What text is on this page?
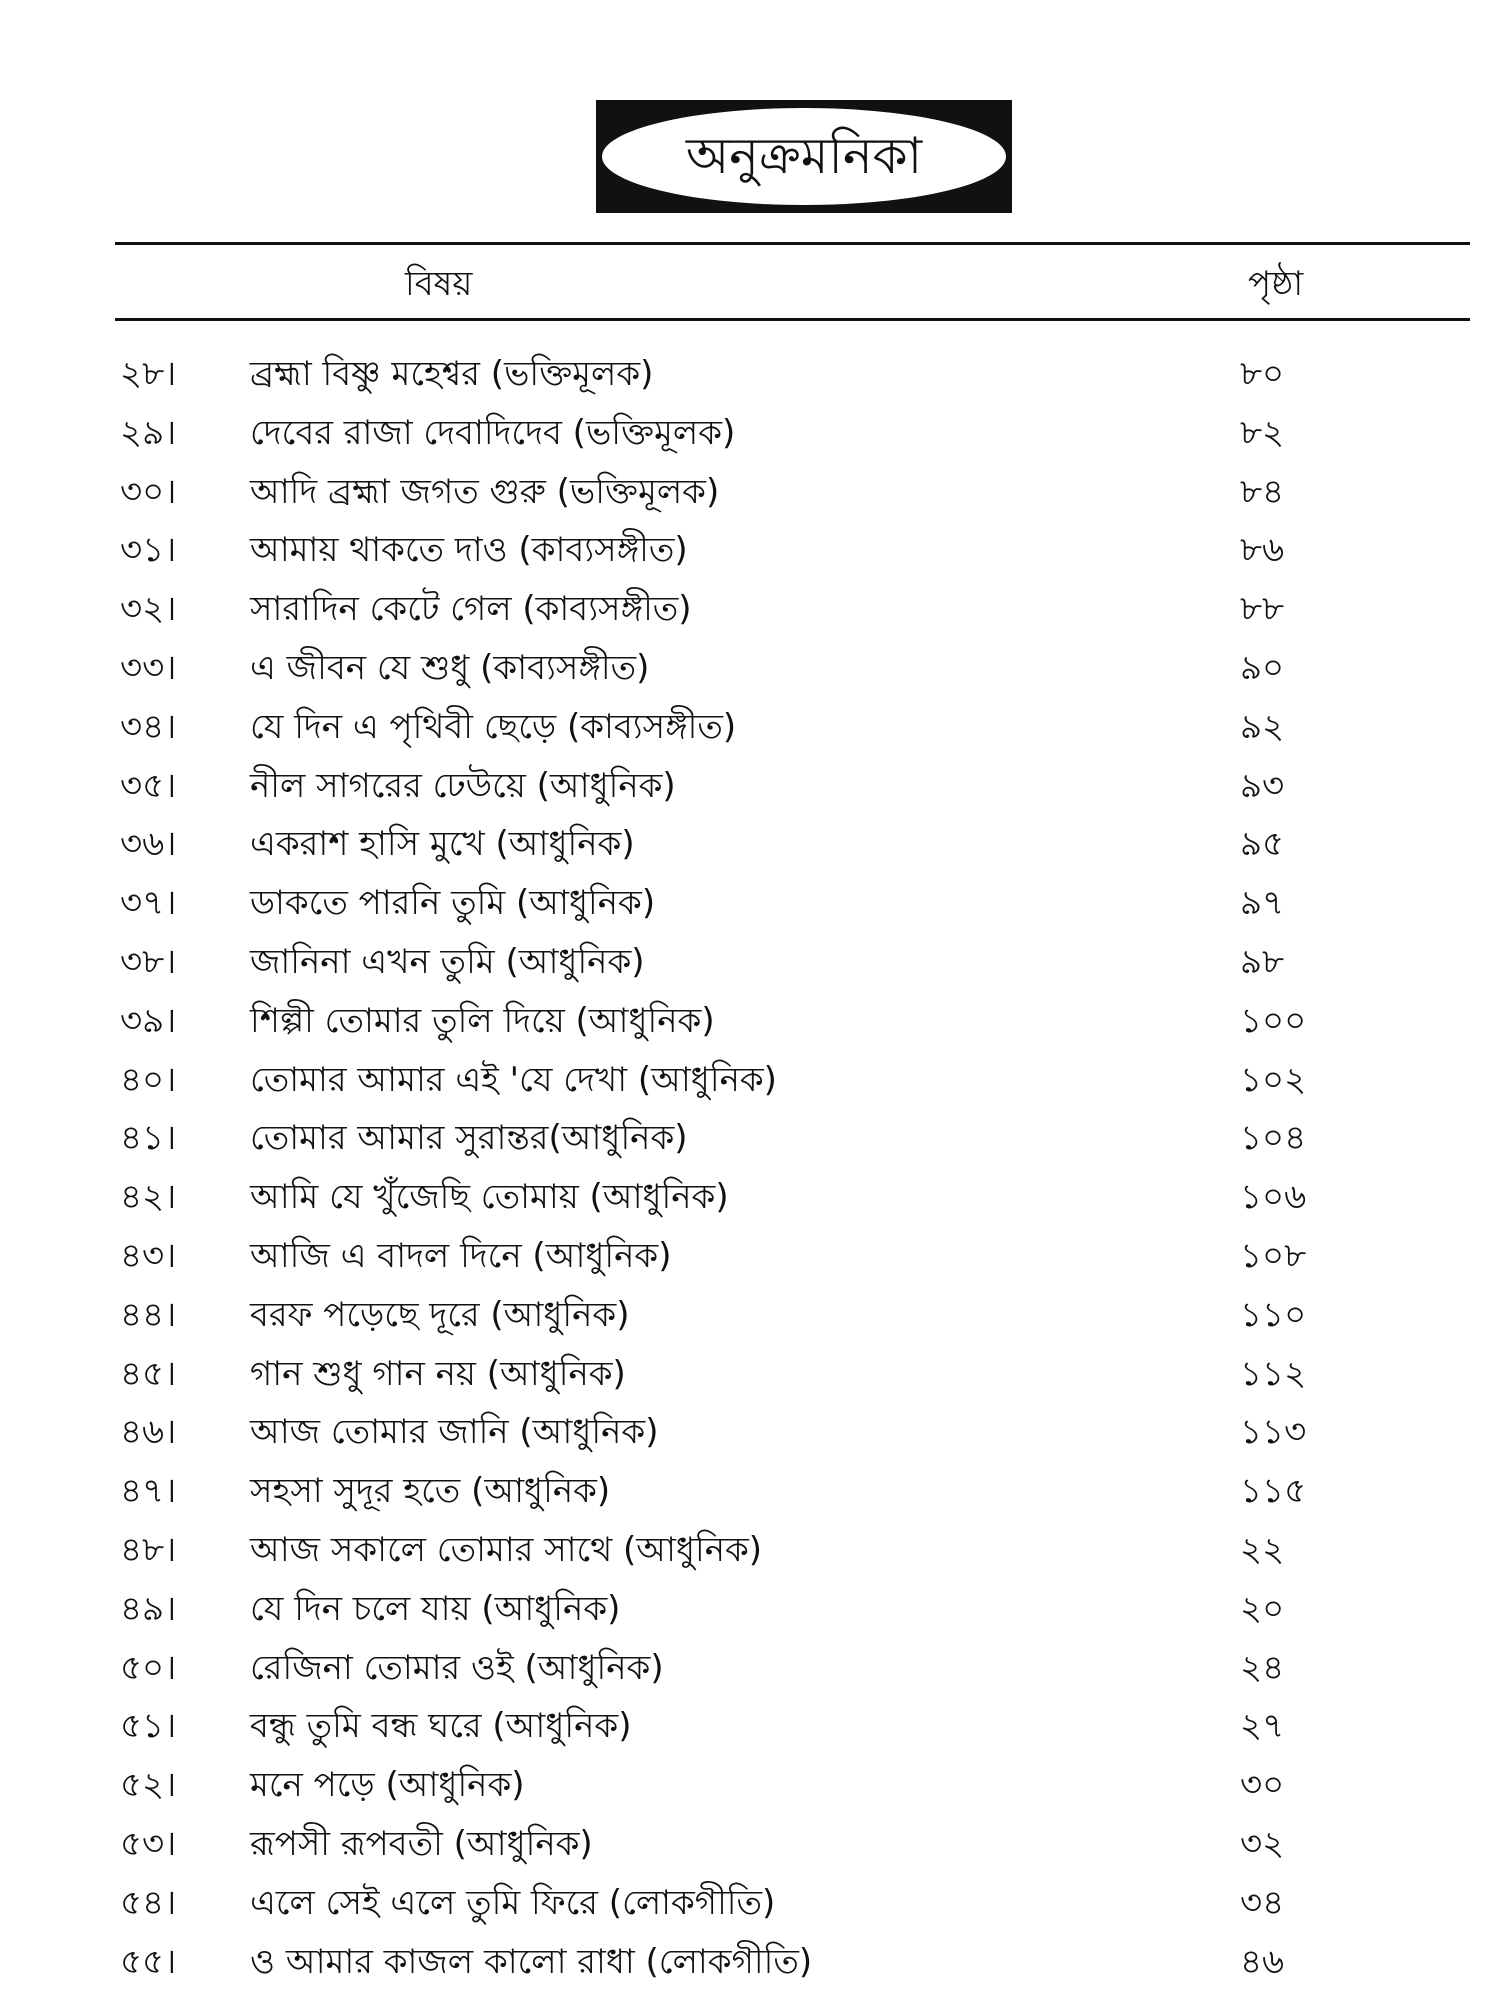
অনুক্রমনিকা
বিষয়	পৃষ্ঠা
২৮। ব্রহ্মা বিষ্ণু মহেশ্বর (ভক্তিমূলক)	৮০
২৯। দেবের রাজা দেবাদিদেব (ভক্তিমূলক)	৮২
৩০। আদি ব্রহ্মা জগত গুরু (ভক্তিমূলক)	৮৪
৩১। আমায় থাকতে দাও (কাব্যসঙ্গীত)	৮৬
৩২। সারাদিন কেটে গেল (কাব্যসঙ্গীত)	৮৮
৩৩। এ জীবন যে শুধু (কাব্যসঙ্গীত)	৯০
৩৪। যে দিন এ পৃথিবী ছেড়ে (কাব্যসঙ্গীত)	৯২
৩৫। নীল সাগরের ঢেউয়ে (আধুনিক)	৯৩
৩৬। একরাশ হাসি মুখে (আধুনিক)	৯৫
৩৭। ডাকতে পারনি তুমি (আধুনিক)	৯৭
৩৮। জানিনা এখন তুমি (আধুনিক)	৯৮
৩৯। শিল্পী তোমার তুলি দিয়ে (আধুনিক)	১০০
৪০। তোমার আমার এই 'যে দেখা (আধুনিক)	১০২
৪১। তোমার আমার সুরান্তর(আধুনিক)	১০৪
৪২। আমি যে খুঁজেছি তোমায় (আধুনিক)	১০৬
৪৩। আজি এ বাদল দিনে (আধুনিক)	১০৮
৪৪। বরফ পড়েছে দূরে (আধুনিক)	১১০
৪৫। গান শুধু গান নয় (আধুনিক)	১১২
৪৬। আজ তোমার জানি (আধুনিক)	১১৩
৪৭। সহসা সুদূর হতে (আধুনিক)	১১৫
৪৮। আজ সকালে তোমার সাথে (আধুনিক)	২২
৪৯। যে দিন চলে যায় (আধুনিক)	২০
৫০। রেজিনা তোমার ওই (আধুনিক)	২৪
৫১। বন্ধু তুমি বন্ধ ঘরে (আধুনিক)	২৭
৫২। মনে পড়ে (আধুনিক)	৩০
৫৩। রূপসী রূপবতী (আধুনিক)	৩২
৫৪। এলে সেই এলে তুমি ফিরে (লোকগীতি)	৩৪
৫৫। ও আমার কাজল কালো রাধা (লোকগীতি)	৪৬
